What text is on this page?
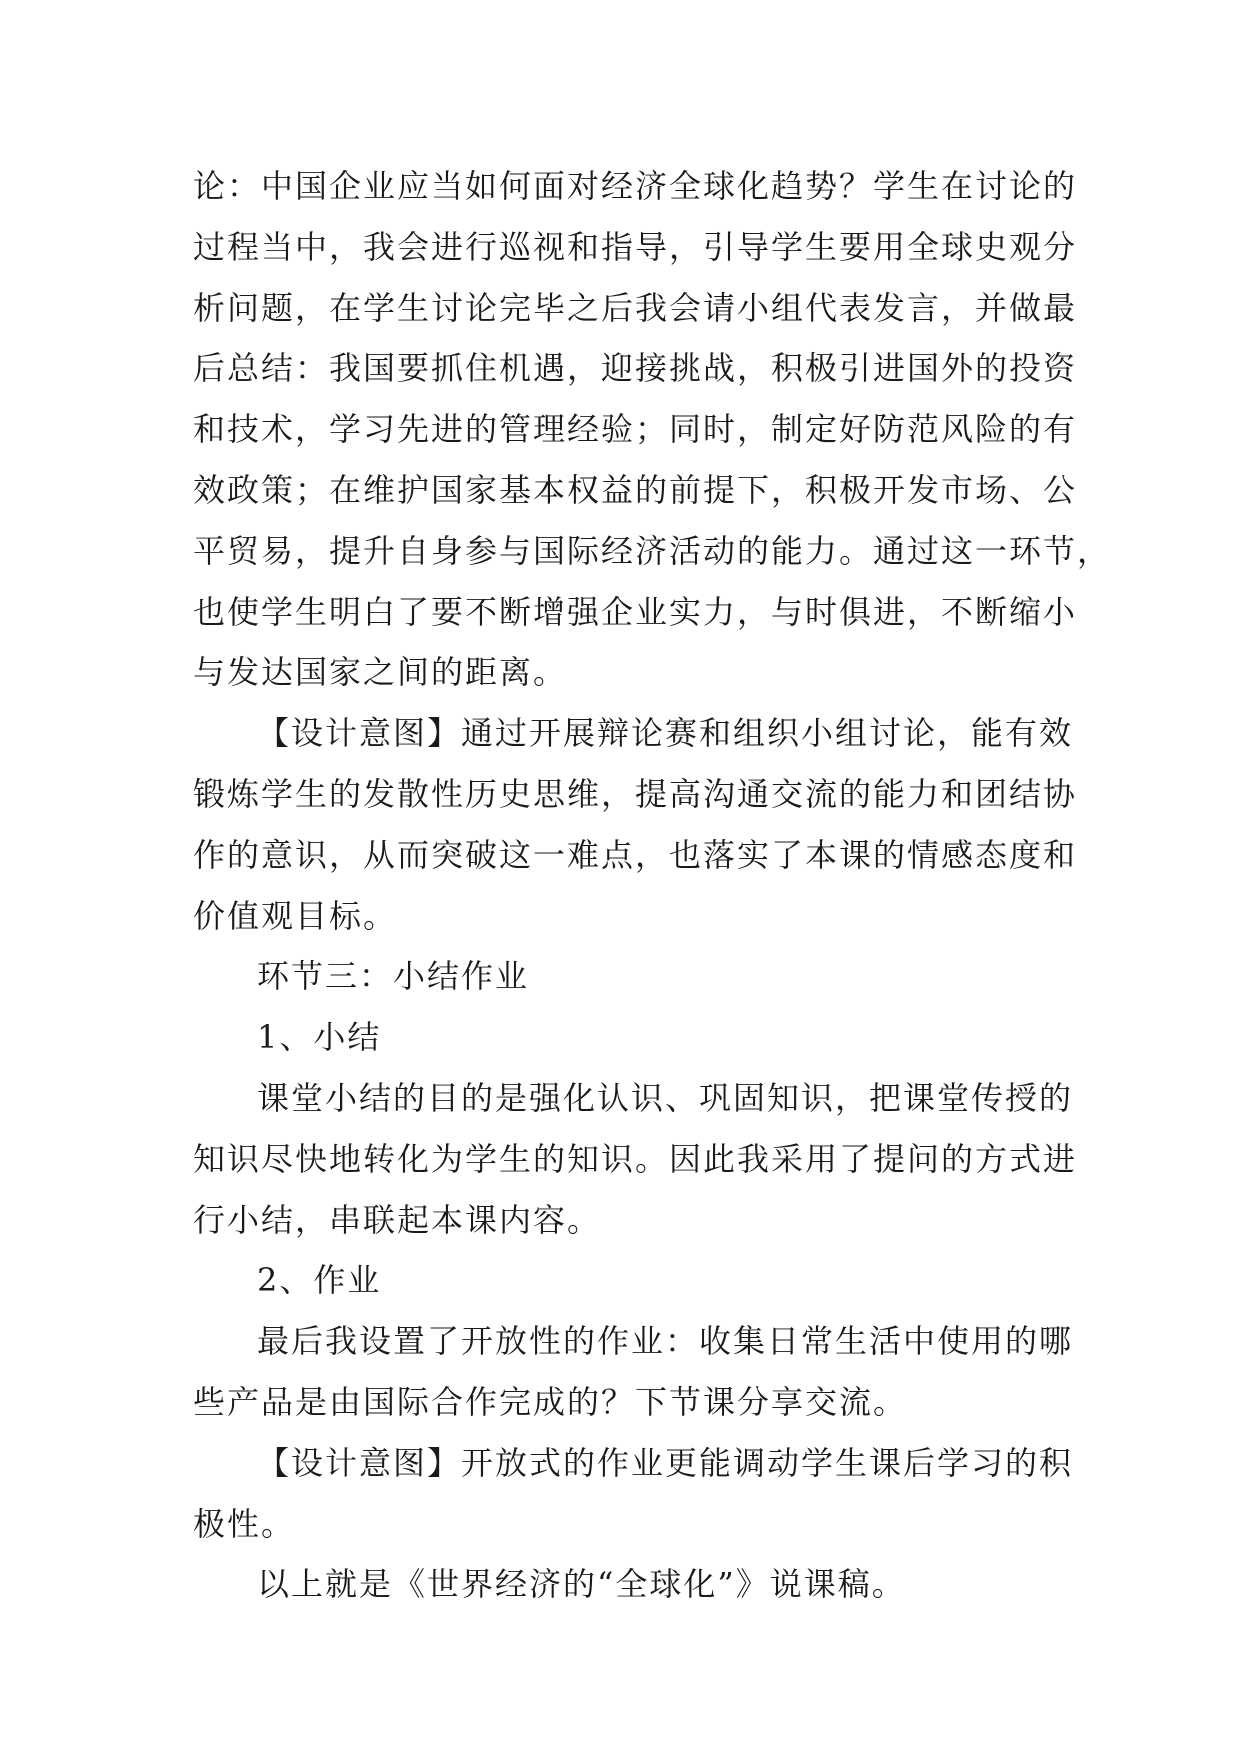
论：中国企业应当如何面对经济全球化趋势？学生在讨论的
过程当中，我会进行巡视和指导，引导学生要用全球史观分
析问题，在学生讨论完毕之后我会请小组代表发言，并做最
后总结：我国要抓住机遇，迎接挑战，积极引进国外的投资
和技术，学习先进的管理经验；同时，制定好防范风险的有
效政策；在维护国家基本权益的前提下，积极开发市场、公
平贸易，提升自身参与国际经济活动的能力。通过这一环节，
也使学生明白了要不断增强企业实力，与时俱进，不断缩小
与发达国家之间的距离。

【设计意图】通过开展辩论赛和组织小组讨论，能有效
锻炼学生的发散性历史思维，提高沟通交流的能力和团结协
作的意识，从而突破这一难点，也落实了本课的情感态度和
价值观目标。

环节三：小结作业

1、小结

课堂小结的目的是强化认识、巩固知识，把课堂传授的
知识尽快地转化为学生的知识。因此我采用了提问的方式进
行小结，串联起本课内容。

2、作业

最后我设置了开放性的作业：收集日常生活中使用的哪
些产品是由国际合作完成的？下节课分享交流。

【设计意图】开放式的作业更能调动学生课后学习的积
极性。

以上就是《世界经济的“全球化”》说课稿。
